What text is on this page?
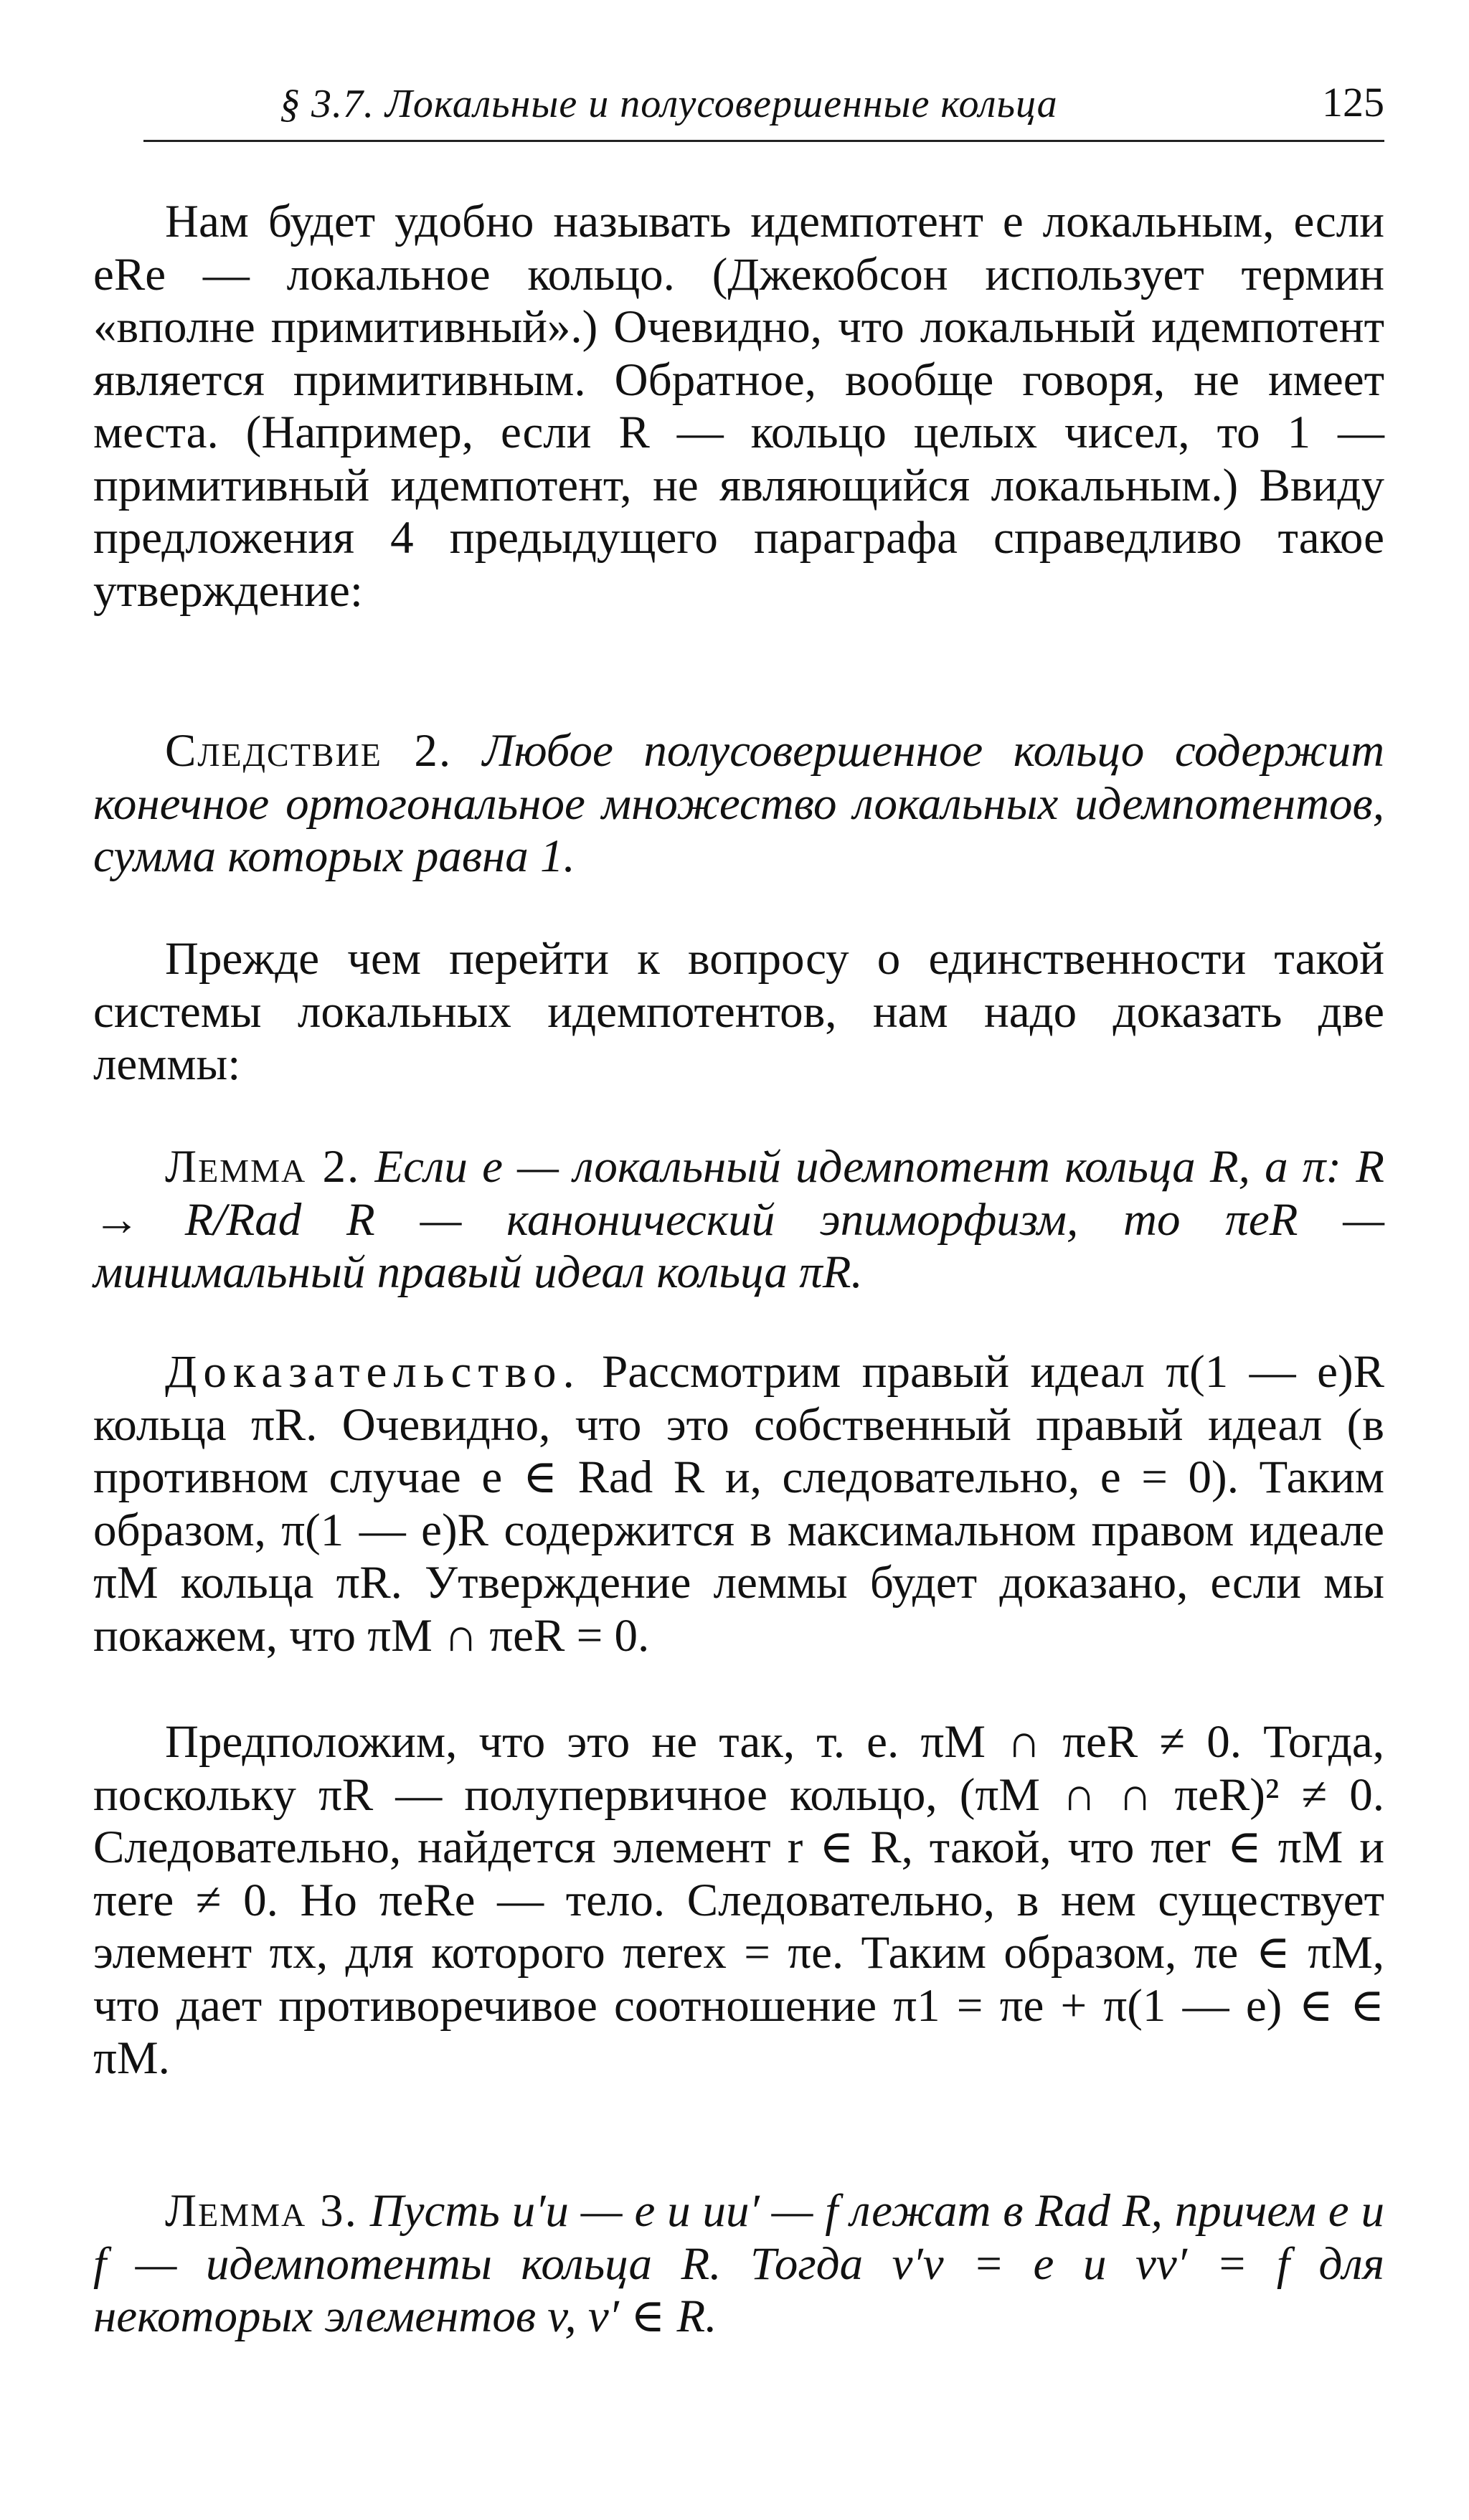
§ 3.7. Локальные и полусовершенные кольца	125

Нам будет удобно называть идемпотент e локальным, если eRe — локальное кольцо. (Джекобсон использует термин «вполне примитивный».) Очевидно, что локальный идемпотент является примитивным. Обратное, вообще говоря, не имеет места. (Например, если R — кольцо целых чисел, то 1 — примитивный идемпотент, не являющийся локальным.) Ввиду предложения 4 предыдущего параграфа справедливо такое утверждение:

Следствие 2. Любое полусовершенное кольцо содержит конечное ортогональное множество локальных идемпотентов, сумма которых равна 1.

Прежде чем перейти к вопросу о единственности такой системы локальных идемпотентов, нам надо доказать две леммы:

Лемма 2. Если e — локальный идемпотент кольца R, а π: R → R/Rad R — канонический эпиморфизм, то πeR — минимальный правый идеал кольца πR.

Доказательство. Рассмотрим правый идеал π(1 — e)R кольца πR. Очевидно, что это собственный правый идеал (в противном случае e ∈ Rad R и, следовательно, e = 0). Таким образом, π(1 — e)R содержится в максимальном правом идеале πM кольца πR. Утверждение леммы будет доказано, если мы покажем, что πM ∩ πeR = 0.

Предположим, что это не так, т. е. πM ∩ πeR ≠ 0. Тогда, поскольку πR — полупервичное кольцо, (πM ∩ ∩ πeR)² ≠ 0. Следовательно, найдется элемент r ∈ R, такой, что πer ∈ πM и πere ≠ 0. Но πeRe — тело. Следовательно, в нем существует элемент πx, для которого πerex = πe. Таким образом, πe ∈ πM, что дает противоречивое соотношение π1 = πe + π(1 — e) ∈ ∈ πM.

Лемма 3. Пусть u′u — e и uu′ — f лежат в Rad R, причем e и f — идемпотенты кольца R. Тогда v′v = e и vv′ = f для некоторых элементов v, v′ ∈ R.
